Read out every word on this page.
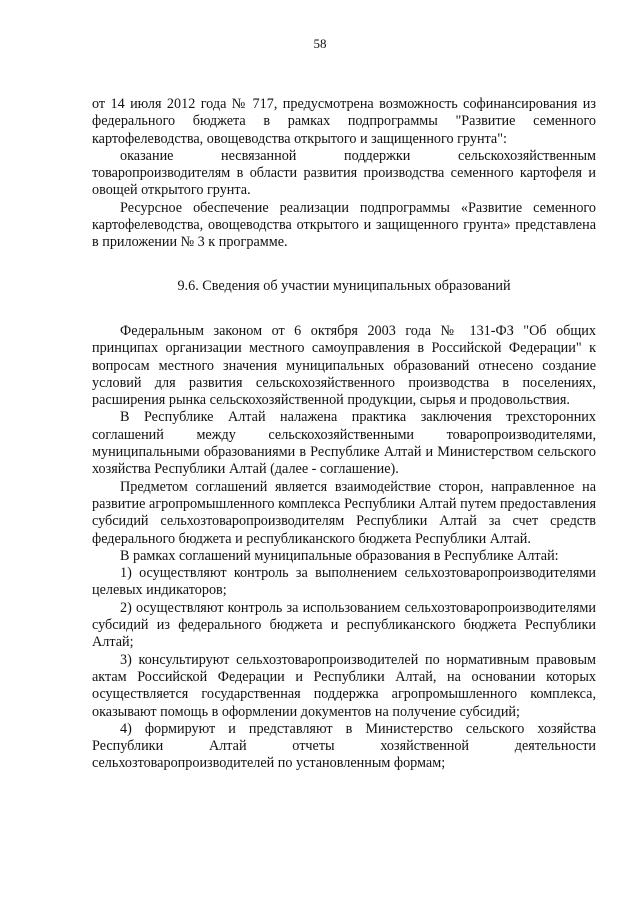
58

от 14 июля 2012 года № 717, предусмотрена возможность софинансирования из федерального бюджета в рамках подпрограммы "Развитие семенного картофелеводства, овощеводства открытого и защищенного грунта":

оказание несвязанной поддержки сельскохозяйственным товаропроизводителям в области развития производства семенного картофеля и овощей открытого грунта.

Ресурсное обеспечение реализации подпрограммы «Развитие семенного картофелеводства, овощеводства открытого и защищенного грунта» представлена в приложении № 3 к программе.

9.6. Сведения об участии муниципальных образований

Федеральным законом от 6 октября 2003 года № 131-ФЗ "Об общих принципах организации местного самоуправления в Российской Федерации" к вопросам местного значения муниципальных образований отнесено создание условий для развития сельскохозяйственного производства в поселениях, расширения рынка сельскохозяйственной продукции, сырья и продовольствия.

В Республике Алтай налажена практика заключения трехсторонних соглашений между сельскохозяйственными товаропроизводителями, муниципальными образованиями в Республике Алтай и Министерством сельского хозяйства Республики Алтай (далее - соглашение).

Предметом соглашений является взаимодействие сторон, направленное на развитие агропромышленного комплекса Республики Алтай путем предоставления субсидий сельхозтоваропроизводителям Республики Алтай за счет средств федерального бюджета и республиканского бюджета Республики Алтай.

В рамках соглашений муниципальные образования в Республике Алтай:

1) осуществляют контроль за выполнением сельхозтоваропроизводителями целевых индикаторов;

2) осуществляют контроль за использованием сельхозтоваропроизводителями субсидий из федерального бюджета и республиканского бюджета Республики Алтай;

3) консультируют сельхозтоваропроизводителей по нормативным правовым актам Российской Федерации и Республики Алтай, на основании которых осуществляется государственная поддержка агропромышленного комплекса, оказывают помощь в оформлении документов на получение субсидий;

4) формируют и представляют в Министерство сельского хозяйства Республики Алтай отчеты хозяйственной деятельности сельхозтоваропроизводителей по установленным формам;
